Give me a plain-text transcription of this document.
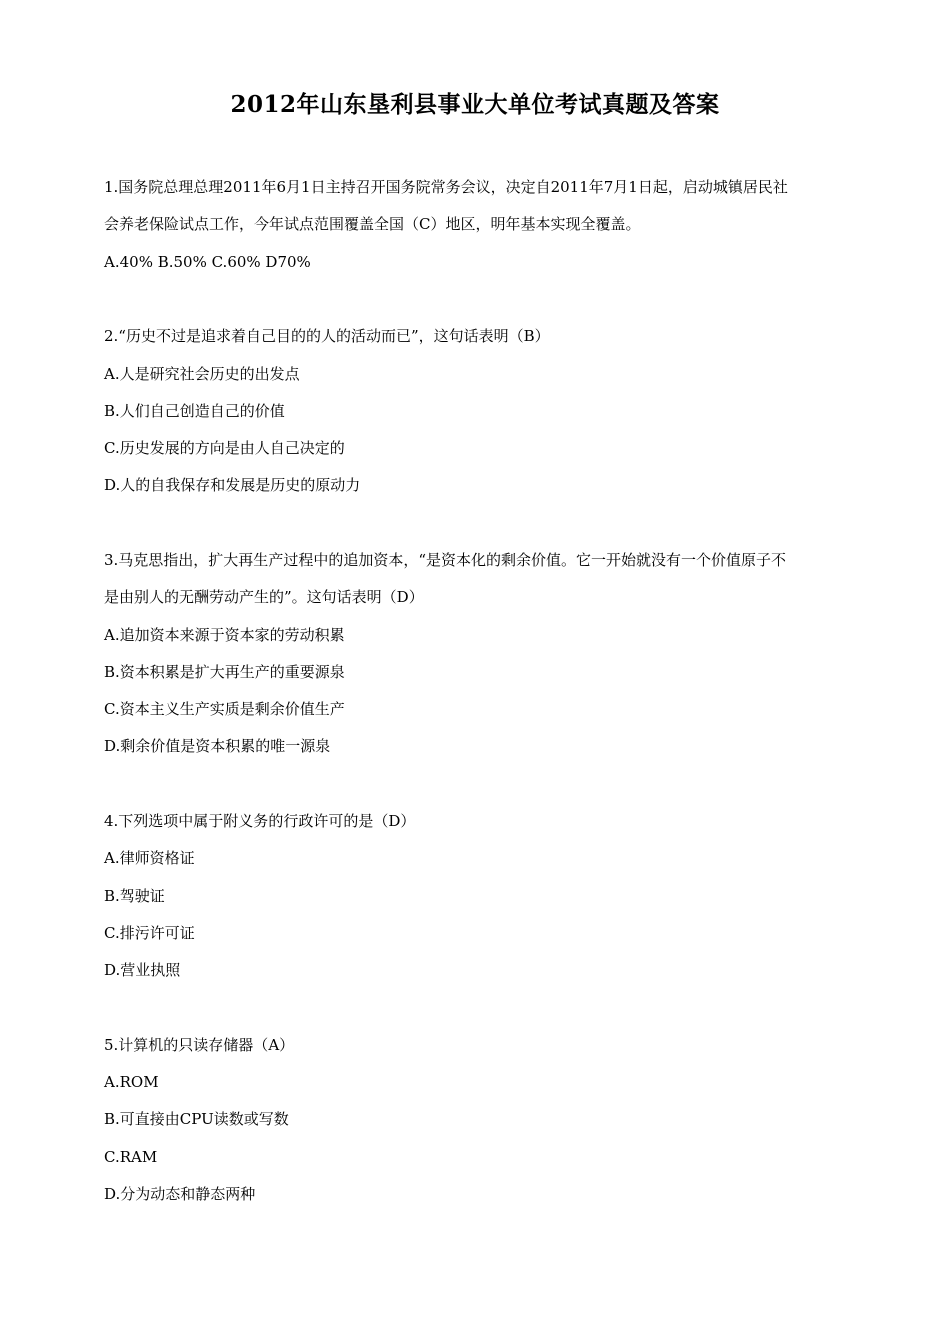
2012年山东垦利县事业大单位考试真题及答案
1.国务院总理总理2011年6月1日主持召开国务院常务会议，决定自2011年7月1日起，启动城镇居民社
会养老保险试点工作，今年试点范围覆盖全国（C）地区，明年基本实现全覆盖。
A.40% B.50% C.60% D70%
2.“历史不过是追求着自己目的的人的活动而已”，这句话表明（B）
A.人是研究社会历史的出发点
B.人们自己创造自己的价值
C.历史发展的方向是由人自己决定的
D.人的自我保存和发展是历史的原动力
3.马克思指出，扩大再生产过程中的追加资本，“是资本化的剩余价值。它一开始就没有一个价值原子不
是由别人的无酬劳动产生的”。这句话表明（D）
A.追加资本来源于资本家的劳动积累
B.资本积累是扩大再生产的重要源泉
C.资本主义生产实质是剩余价值生产
D.剩余价值是资本积累的唯一源泉
4.下列选项中属于附义务的行政许可的是（D）
A.律师资格证
B.驾驶证
C.排污许可证
D.营业执照
5.计算机的只读存储器（A）
A.ROM
B.可直接由CPU读数或写数
C.RAM
D.分为动态和静态两种
